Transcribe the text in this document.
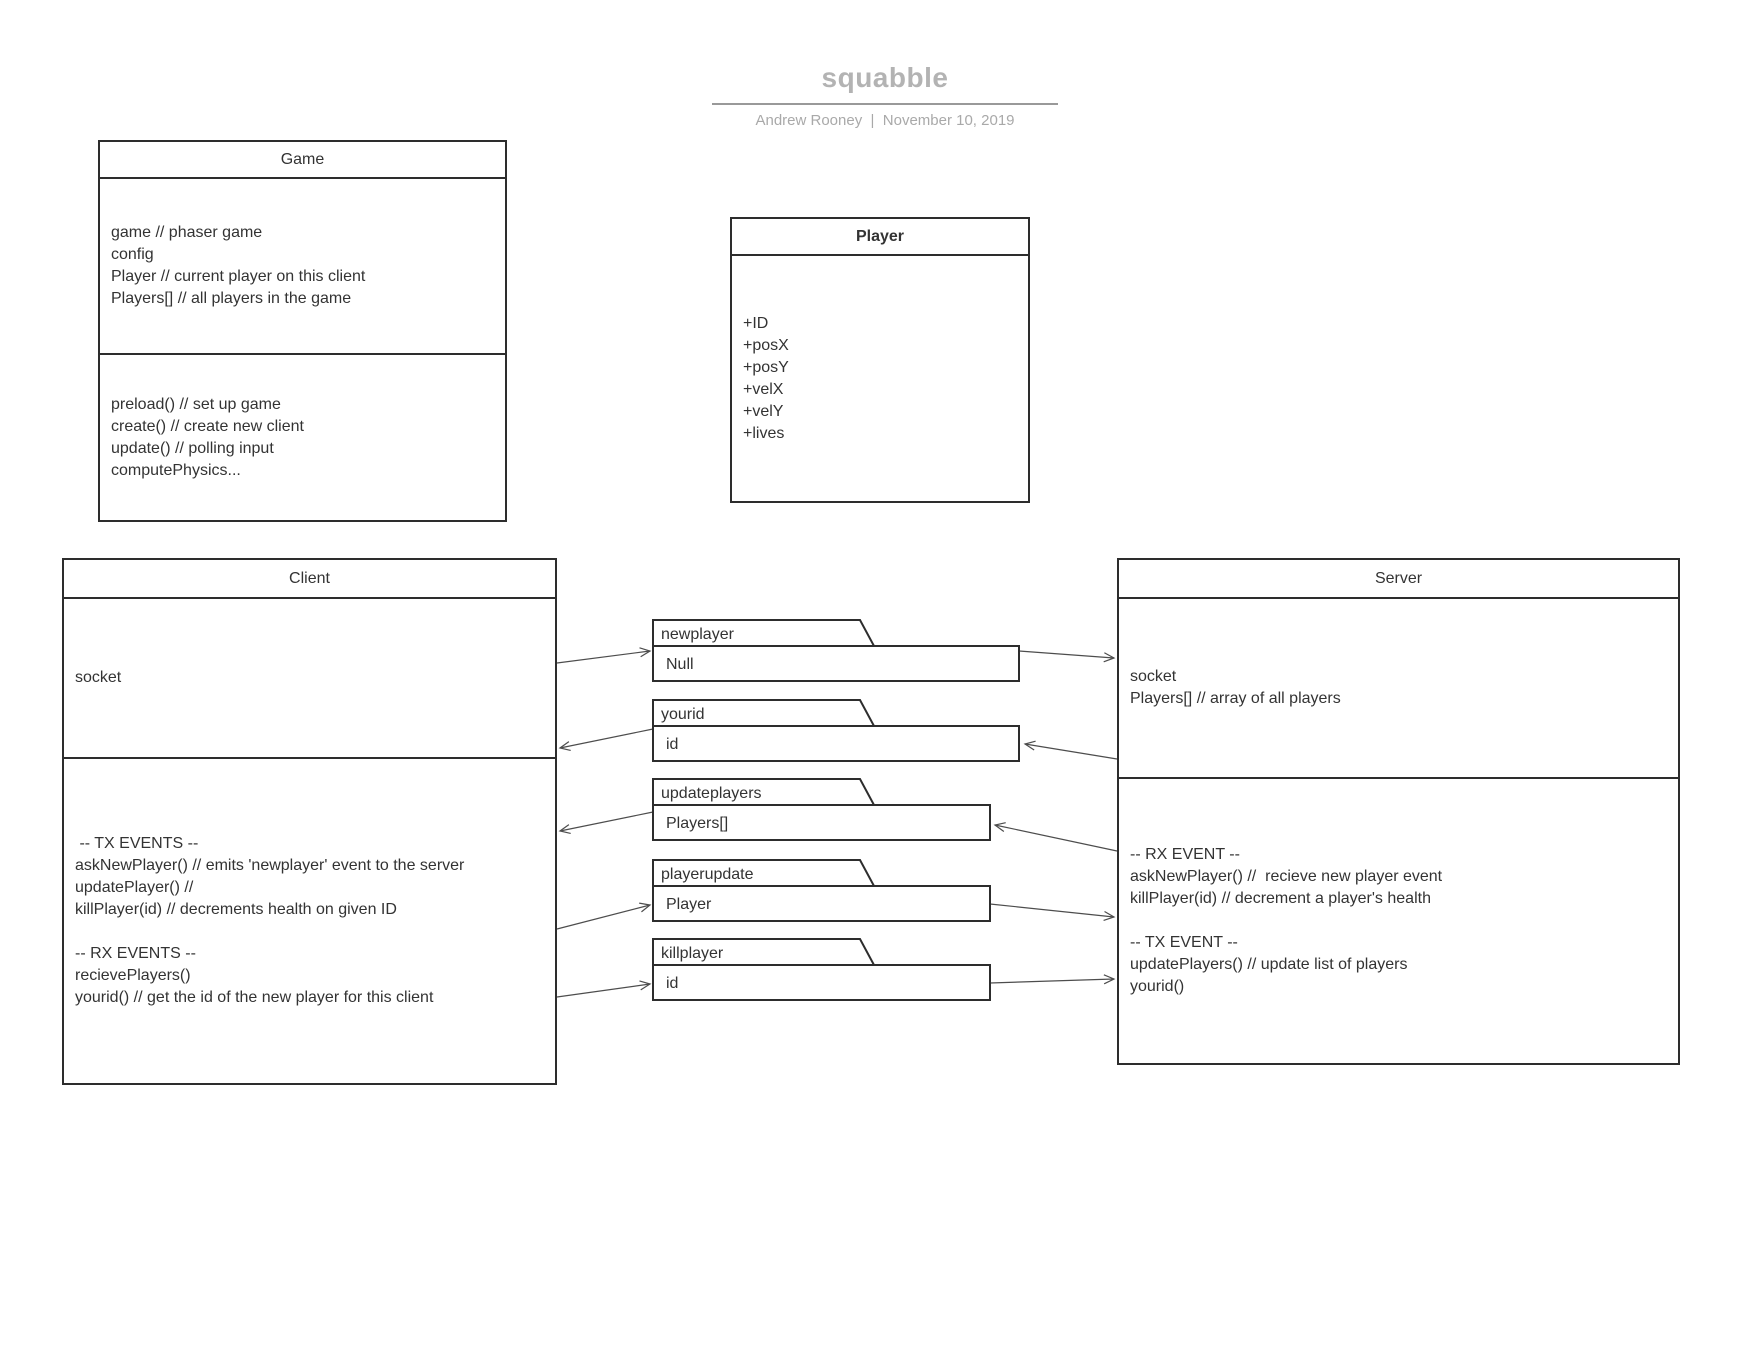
squabble
Andrew Rooney  |  November 10, 2019
newplayer
Null
yourid
id
updateplayers
Players[]
playerupdate
Player
killplayer
id
Game
game // phaser game
config
Player // current player on this client
Players[] // all players in the game
preload() // set up game
create() // create new client
update() // polling input
computePhysics...
Player
+ID
+posX
+posY
+velX
+velY
+lives
Client
socket
-- TX EVENTS --
askNewPlayer() // emits 'newplayer' event to the server
updatePlayer() //
killPlayer(id) // decrements health on given ID

-- RX EVENTS --
recievePlayers()
yourid() // get the id of the new player for this client
Server
socket
Players[] // array of all players
-- RX EVENT --
askNewPlayer() //  recieve new player event
killPlayer(id) // decrement a player's health

-- TX EVENT --
updatePlayers() // update list of players
yourid()
